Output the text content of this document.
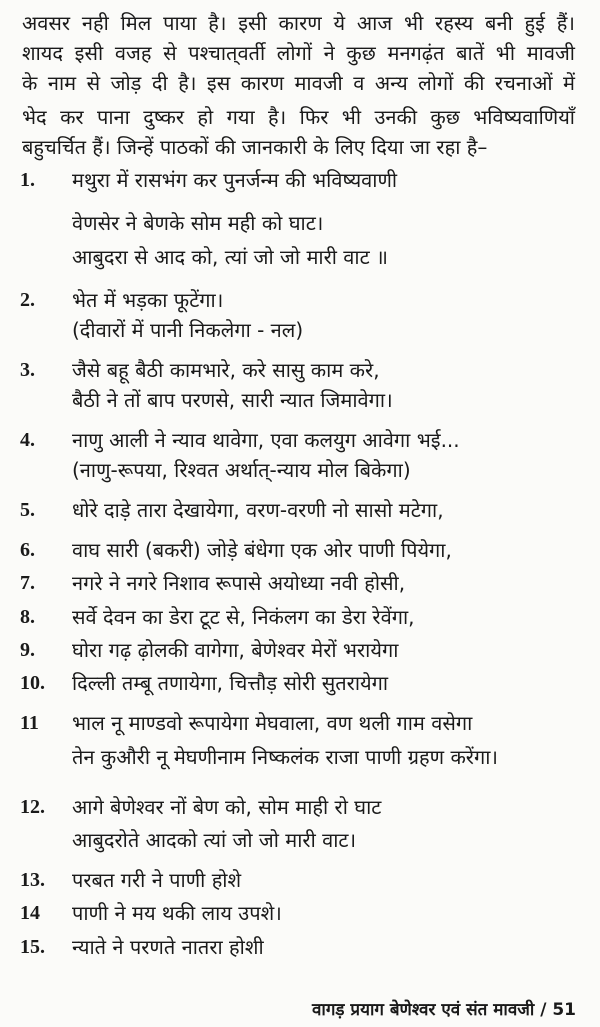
अवसर नही मिल पाया है। इसी कारण ये आज भी रहस्य बनी हुई हैं।
शायद इसी वजह से पश्चात्‌वर्ती लोगों ने कुछ मनगढ़ंत बातें भी मावजी
के नाम से जोड़ दी है। इस कारण मावजी व अन्य लोगों की रचनाओं में
भेद कर पाना दुष्कर हो गया है। फिर भी उनकी कुछ भविष्यवाणियाँ
बहुचर्चित हैं। जिन्हें पाठकों की जानकारी के लिए दिया जा रहा है–
1. मथुरा में रासभंग कर पुनर्जन्म की भविष्यवाणी
वेणसेर ने बेणके सोम मही को घाट।
आबुदरा से आद को, त्यां जो जो मारी वाट ॥
2. भेत में भड़का फूटेंगा।
(दीवारों में पानी निकलेगा - नल)
3. जैसे बहू बैठी कामभारे, करे सासु काम करे,
बैठी ने तों बाप परणसे, सारी न्यात जिमावेगा।
4. नाणु आली ने न्याव थावेगा, एवा कलयुग आवेगा भई...
(नाणु-रूपया, रिश्वत अर्थात्‌-न्याय मोल बिकेगा)
5. धोरे दाड़े तारा देखायेगा, वरण-वरणी नो सासो मटेगा,
6. वाघ सारी (बकरी) जोड़े बंधेगा एक ओर पाणी पियेगा,
7. नगरे ने नगरे निशाव रूपासे अयोध्या नवी होसी,
8. सर्वे देवन का डेरा टूट से, निकंलग का डेरा रेवेंगा,
9. घोरा गढ़ ढ़ोलकी वागेगा, बेणेश्वर मेरों भरायेगा
10. दिल्ली तम्बू तणायेगा, चित्तौड़ सोरी सुतरायेगा
11 भाल नू माण्डवो रूपायेगा मेघवाला, वण थली गाम वसेगा
तेन कुऔरी नू मेघणीनाम निष्कलंक राजा पाणी ग्रहण करेंगा।
12. आगे बेणेश्वर नों बेण को, सोम माही रो घाट
आबुदरोते आदको त्यां जो जो मारी वाट।
13. परबत गरी ने पाणी होशे
14 पाणी ने मय थकी लाय उपशे।
15. न्याते ने परणते नातरा होशी
वागड़ प्रयाग बेणेश्वर एवं संत मावजी / 51
